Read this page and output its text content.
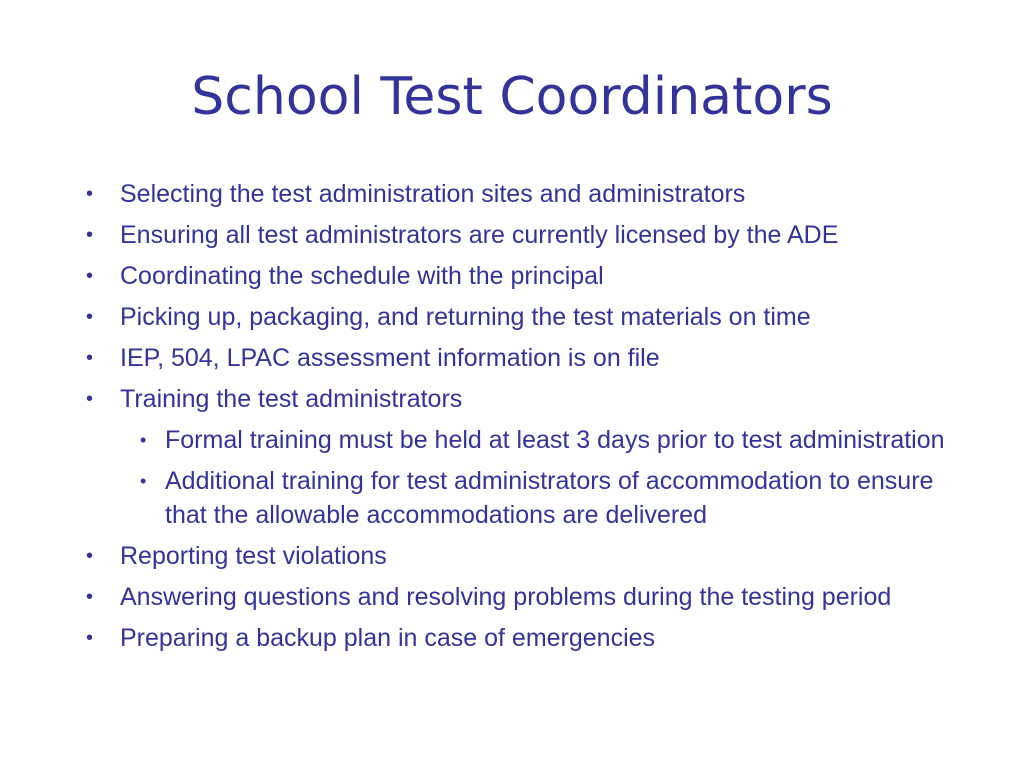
School Test Coordinators
• Selecting the test administration sites and administrators
• Ensuring all test administrators are currently licensed by the ADE
• Coordinating the schedule with the principal
• Picking up, packaging, and returning the test materials on time
• IEP, 504, LPAC assessment information is on file
• Training the test administrators
• Formal training must be held at least 3 days prior to test administration
• Additional training for test administrators of accommodation to ensure that the allowable accommodations are delivered
• Reporting test violations
• Answering questions and resolving problems during the testing period
• Preparing a backup plan in case of emergencies
